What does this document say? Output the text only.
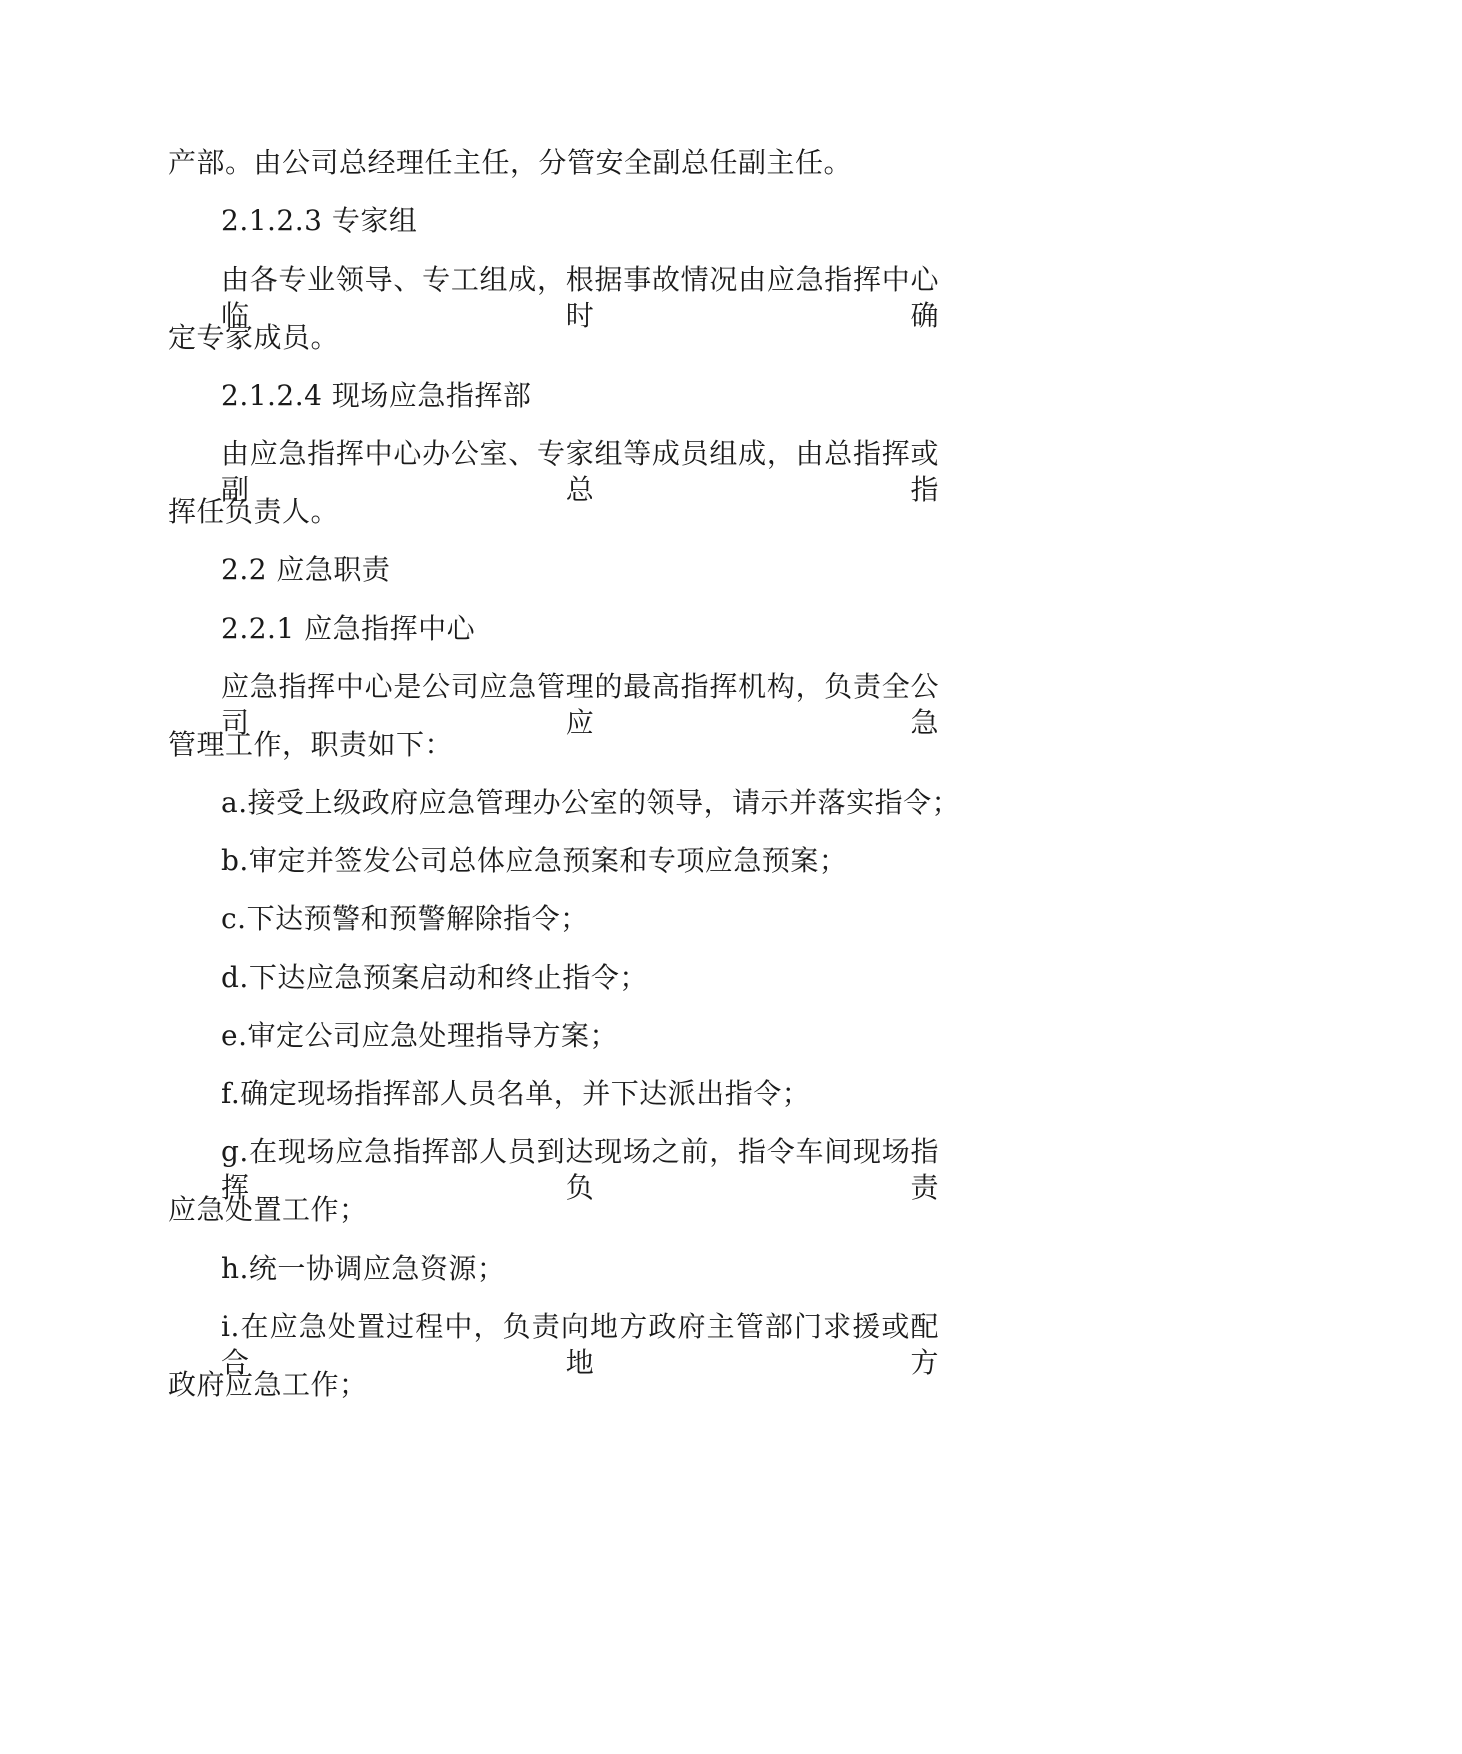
产部。由公司总经理任主任，分管安全副总任副主任。
2.1.2.3 专家组
由各专业领导、专工组成，根据事故情况由应急指挥中心临时确
定专家成员。
2.1.2.4 现场应急指挥部
由应急指挥中心办公室、专家组等成员组成，由总指挥或副总指
挥任负责人。
2.2 应急职责
2.2.1 应急指挥中心
应急指挥中心是公司应急管理的最高指挥机构，负责全公司应急
管理工作，职责如下：
a.接受上级政府应急管理办公室的领导，请示并落实指令；
b.审定并签发公司总体应急预案和专项应急预案；
c.下达预警和预警解除指令；
d.下达应急预案启动和终止指令；
e.审定公司应急处理指导方案；
f.确定现场指挥部人员名单，并下达派出指令；
g.在现场应急指挥部人员到达现场之前，指令车间现场指挥负责
应急处置工作；
h.统一协调应急资源；
i.在应急处置过程中，负责向地方政府主管部门求援或配合地方
政府应急工作；
